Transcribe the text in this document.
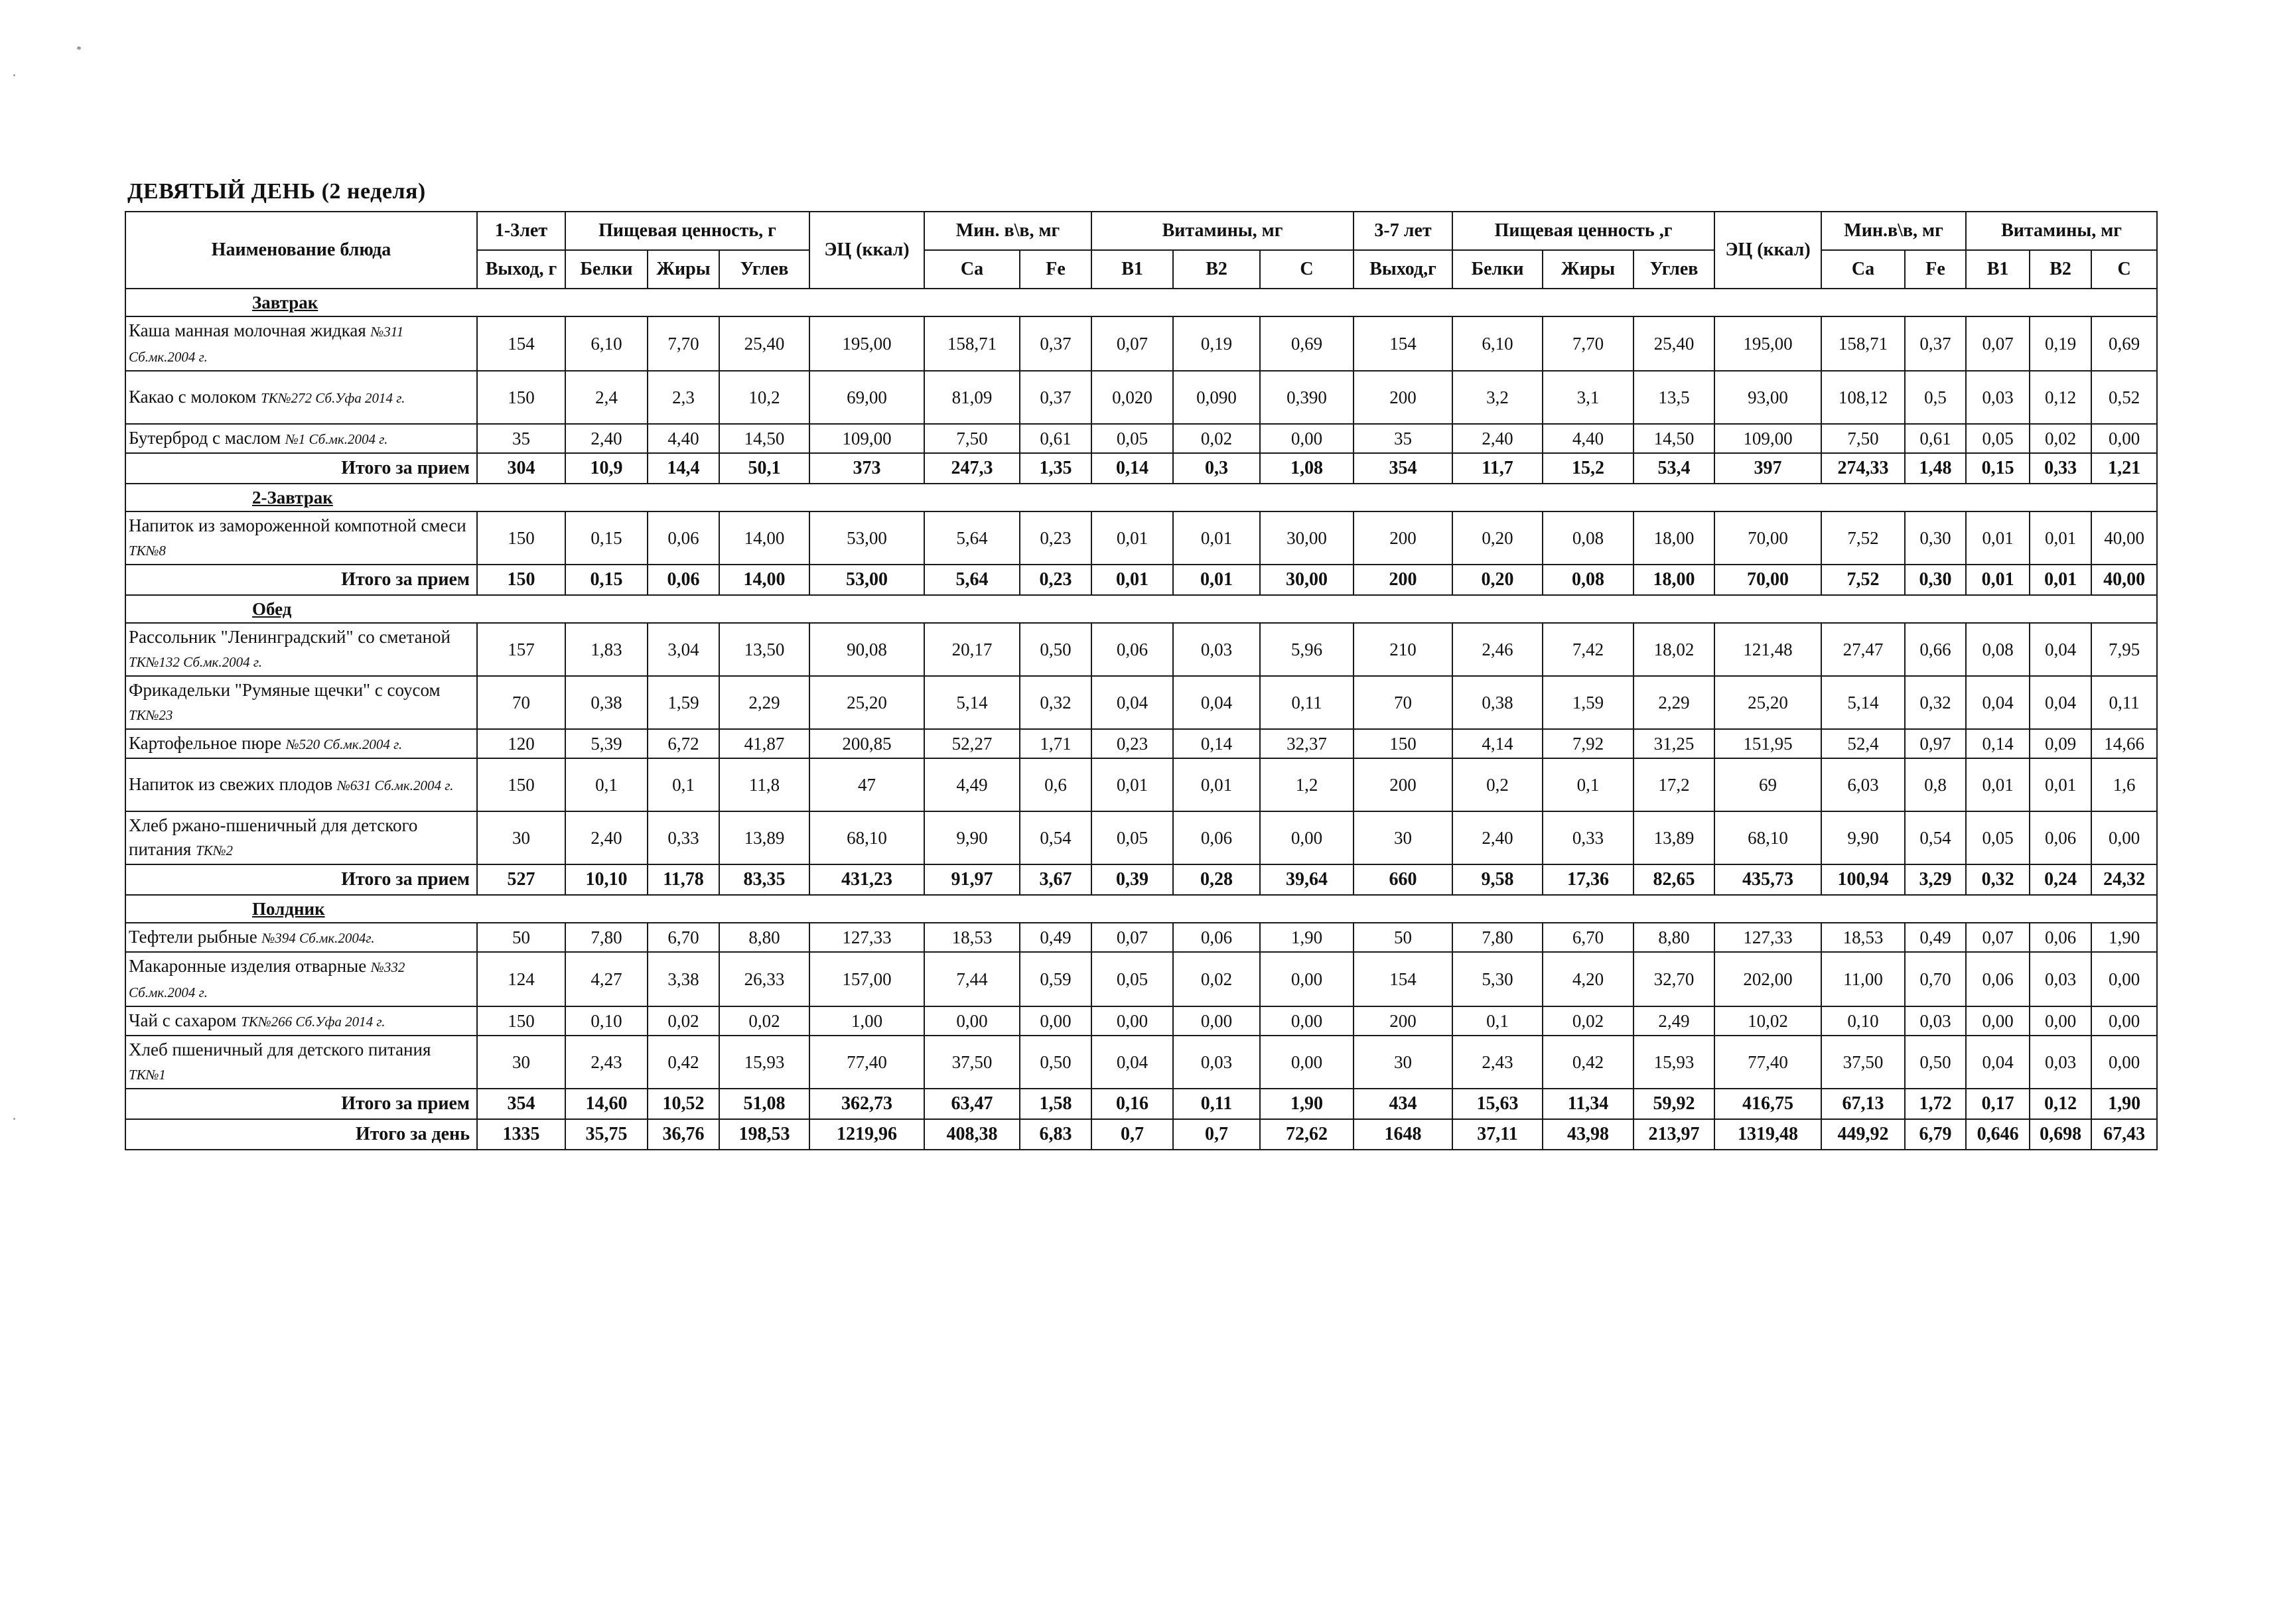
ДЕВЯТЫЙ ДЕНЬ (2 неделя)
Наименование блюда	1-3лет	Пищевая ценность, г			ЭЦ (ккал)	Мин. в\в, мг		Витамины, мг			3-7 лет	Пищевая ценность ,г			ЭЦ (ккал)	Мин.в\в, мг		Витамины, мг		
	Выход, г	Белки	Жиры	Углев		Ca	Fe	B1	B2	C	Выход,г	Белки	Жиры	Углев		Ca	Fe	B1	B2	C
Завтрак																				
Каша манная молочная жидкая №311 Сб.мк.2004 г.	154	6,10	7,70	25,40	195,00	158,71	0,37	0,07	0,19	0,69	154	6,10	7,70	25,40	195,00	158,71	0,37	0,07	0,19	0,69
Какао с молоком ТК№272 Сб.Уфа 2014 г.	150	2,4	2,3	10,2	69,00	81,09	0,37	0,020	0,090	0,390	200	3,2	3,1	13,5	93,00	108,12	0,5	0,03	0,12	0,52
Бутерброд с маслом №1 Сб.мк.2004 г.	35	2,40	4,40	14,50	109,00	7,50	0,61	0,05	0,02	0,00	35	2,40	4,40	14,50	109,00	7,50	0,61	0,05	0,02	0,00
Итого за прием	304	10,9	14,4	50,1	373	247,3	1,35	0,14	0,3	1,08	354	11,7	15,2	53,4	397	274,33	1,48	0,15	0,33	1,21
2-Завтрак																				
Напиток из замороженной компотной смеси ТК№8	150	0,15	0,06	14,00	53,00	5,64	0,23	0,01	0,01	30,00	200	0,20	0,08	18,00	70,00	7,52	0,30	0,01	0,01	40,00
Итого за прием	150	0,15	0,06	14,00	53,00	5,64	0,23	0,01	0,01	30,00	200	0,20	0,08	18,00	70,00	7,52	0,30	0,01	0,01	40,00
Обед																				
Рассольник "Ленинградский" со сметаной ТК№132 Сб.мк.2004 г.	157	1,83	3,04	13,50	90,08	20,17	0,50	0,06	0,03	5,96	210	2,46	7,42	18,02	121,48	27,47	0,66	0,08	0,04	7,95
Фрикадельки "Румяные щечки" с соусом ТК№23	70	0,38	1,59	2,29	25,20	5,14	0,32	0,04	0,04	0,11	70	0,38	1,59	2,29	25,20	5,14	0,32	0,04	0,04	0,11
Картофельное пюре №520 Сб.мк.2004 г.	120	5,39	6,72	41,87	200,85	52,27	1,71	0,23	0,14	32,37	150	4,14	7,92	31,25	151,95	52,4	0,97	0,14	0,09	14,66
Напиток из свежих плодов №631 Сб.мк.2004 г.	150	0,1	0,1	11,8	47	4,49	0,6	0,01	0,01	1,2	200	0,2	0,1	17,2	69	6,03	0,8	0,01	0,01	1,6
Хлеб ржано-пшеничный для детского питания ТК№2	30	2,40	0,33	13,89	68,10	9,90	0,54	0,05	0,06	0,00	30	2,40	0,33	13,89	68,10	9,90	0,54	0,05	0,06	0,00
Итого за прием	527	10,10	11,78	83,35	431,23	91,97	3,67	0,39	0,28	39,64	660	9,58	17,36	82,65	435,73	100,94	3,29	0,32	0,24	24,32
Полдник																				
Тефтели рыбные №394 Сб.мк.2004г.	50	7,80	6,70	8,80	127,33	18,53	0,49	0,07	0,06	1,90	50	7,80	6,70	8,80	127,33	18,53	0,49	0,07	0,06	1,90
Макаронные изделия отварные №332 Сб.мк.2004 г.	124	4,27	3,38	26,33	157,00	7,44	0,59	0,05	0,02	0,00	154	5,30	4,20	32,70	202,00	11,00	0,70	0,06	0,03	0,00
Чай с сахаром ТК№266 Сб.Уфа 2014 г.	150	0,10	0,02	0,02	1,00	0,00	0,00	0,00	0,00	0,00	200	0,1	0,02	2,49	10,02	0,10	0,03	0,00	0,00	0,00
Хлеб пшеничный для детского питания ТК№1	30	2,43	0,42	15,93	77,40	37,50	0,50	0,04	0,03	0,00	30	2,43	0,42	15,93	77,40	37,50	0,50	0,04	0,03	0,00
Итого за прием	354	14,60	10,52	51,08	362,73	63,47	1,58	0,16	0,11	1,90	434	15,63	11,34	59,92	416,75	67,13	1,72	0,17	0,12	1,90
Итого за день	1335	35,75	36,76	198,53	1219,96	408,38	6,83	0,7	0,7	72,62	1648	37,11	43,98	213,97	1319,48	449,92	6,79	0,646	0,698	67,43
